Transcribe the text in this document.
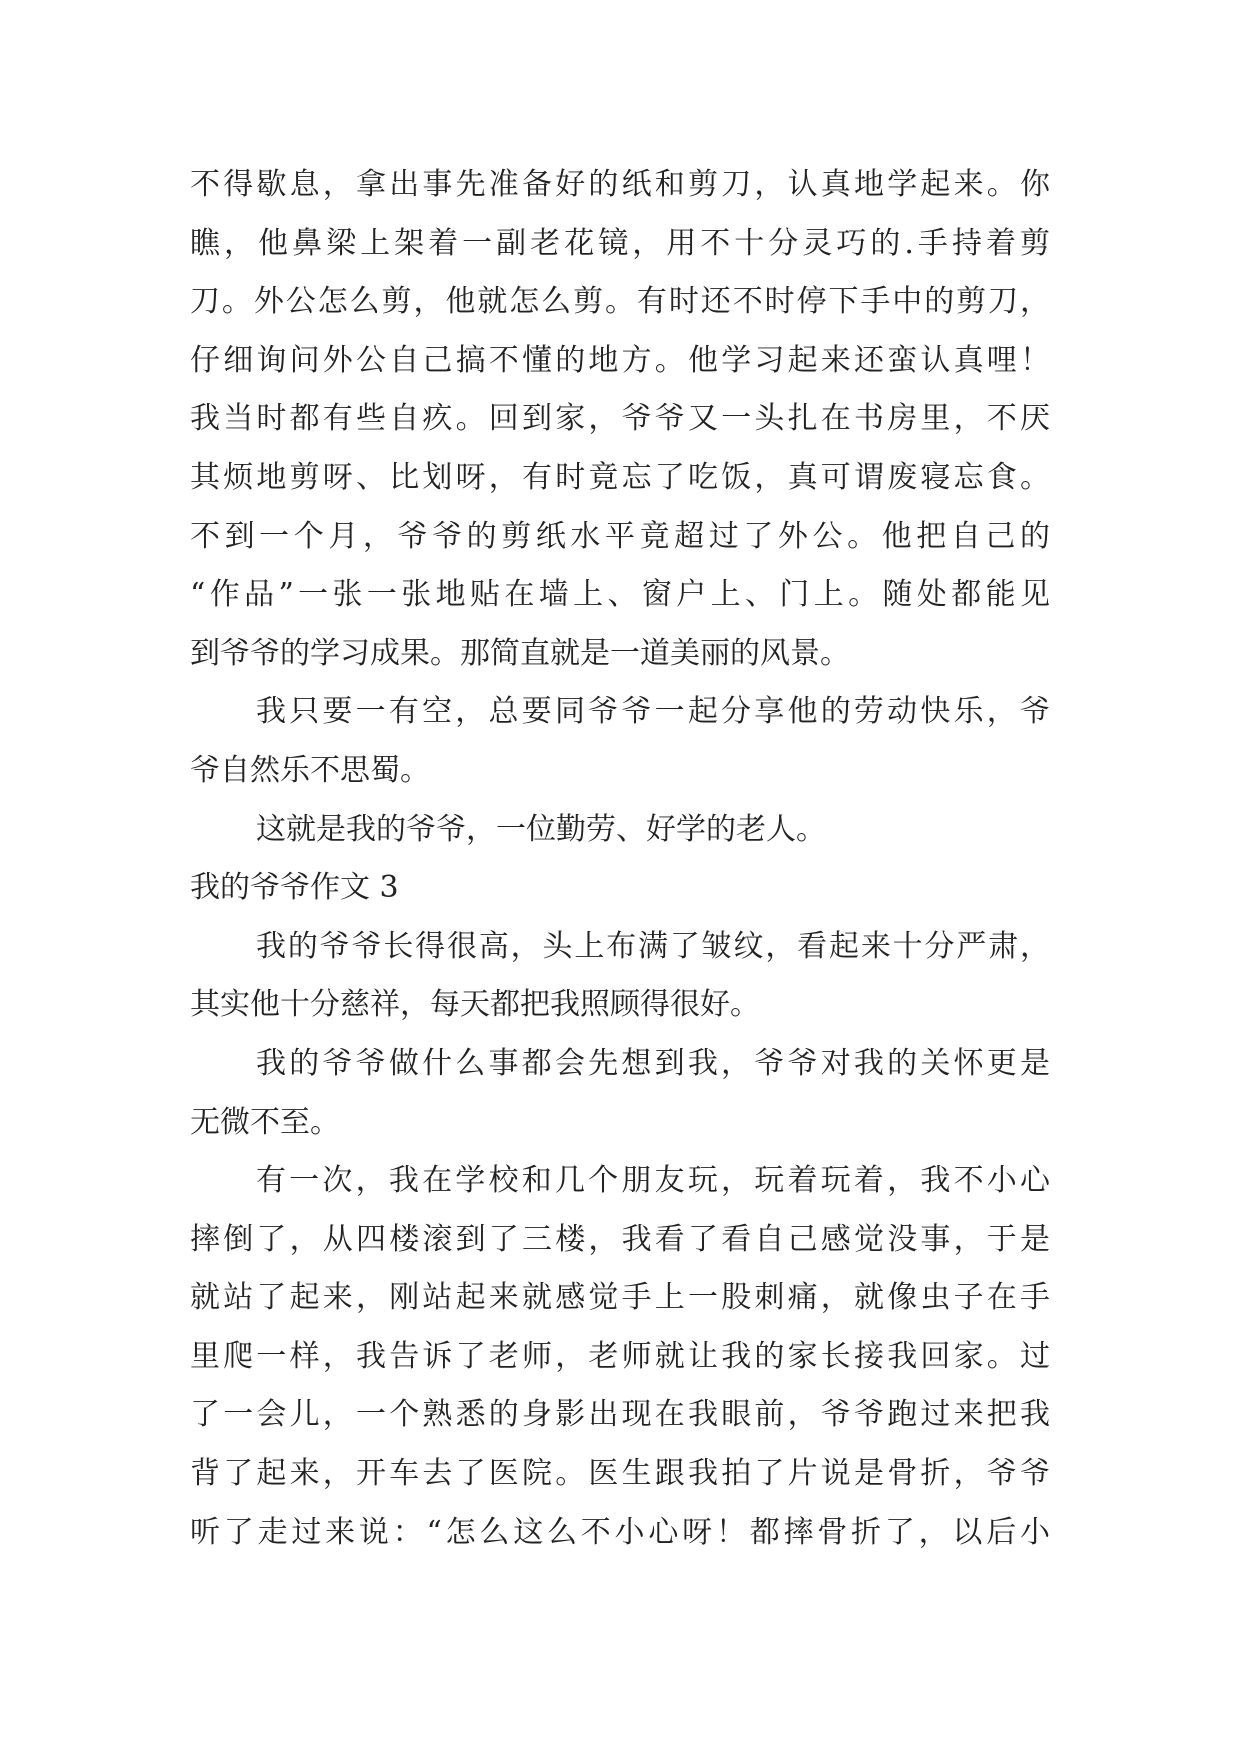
不得歇息，拿出事先准备好的纸和剪刀，认真地学起来。你
瞧，他鼻梁上架着一副老花镜，用不十分灵巧的.手持着剪
刀。外公怎么剪，他就怎么剪。有时还不时停下手中的剪刀，
仔细询问外公自己搞不懂的地方。他学习起来还蛮认真哩！
我当时都有些自疚。回到家，爷爷又一头扎在书房里，不厌
其烦地剪呀、比划呀，有时竟忘了吃饭，真可谓废寝忘食。
不到一个月，爷爷的剪纸水平竟超过了外公。他把自己的
“作品”一张一张地贴在墙上、窗户上、门上。随处都能见
到爷爷的学习成果。那简直就是一道美丽的风景。
我只要一有空，总要同爷爷一起分享他的劳动快乐，爷
爷自然乐不思蜀。
这就是我的爷爷，一位勤劳、好学的老人。
我的爷爷作文 3
我的爷爷长得很高，头上布满了皱纹，看起来十分严肃，
其实他十分慈祥，每天都把我照顾得很好。
我的爷爷做什么事都会先想到我，爷爷对我的关怀更是
无微不至。
有一次，我在学校和几个朋友玩，玩着玩着，我不小心
摔倒了，从四楼滚到了三楼，我看了看自己感觉没事，于是
就站了起来，刚站起来就感觉手上一股刺痛，就像虫子在手
里爬一样，我告诉了老师，老师就让我的家长接我回家。过
了一会儿，一个熟悉的身影出现在我眼前，爷爷跑过来把我
背了起来，开车去了医院。医生跟我拍了片说是骨折，爷爷
听了走过来说：“怎么这么不小心呀！都摔骨折了，以后小
